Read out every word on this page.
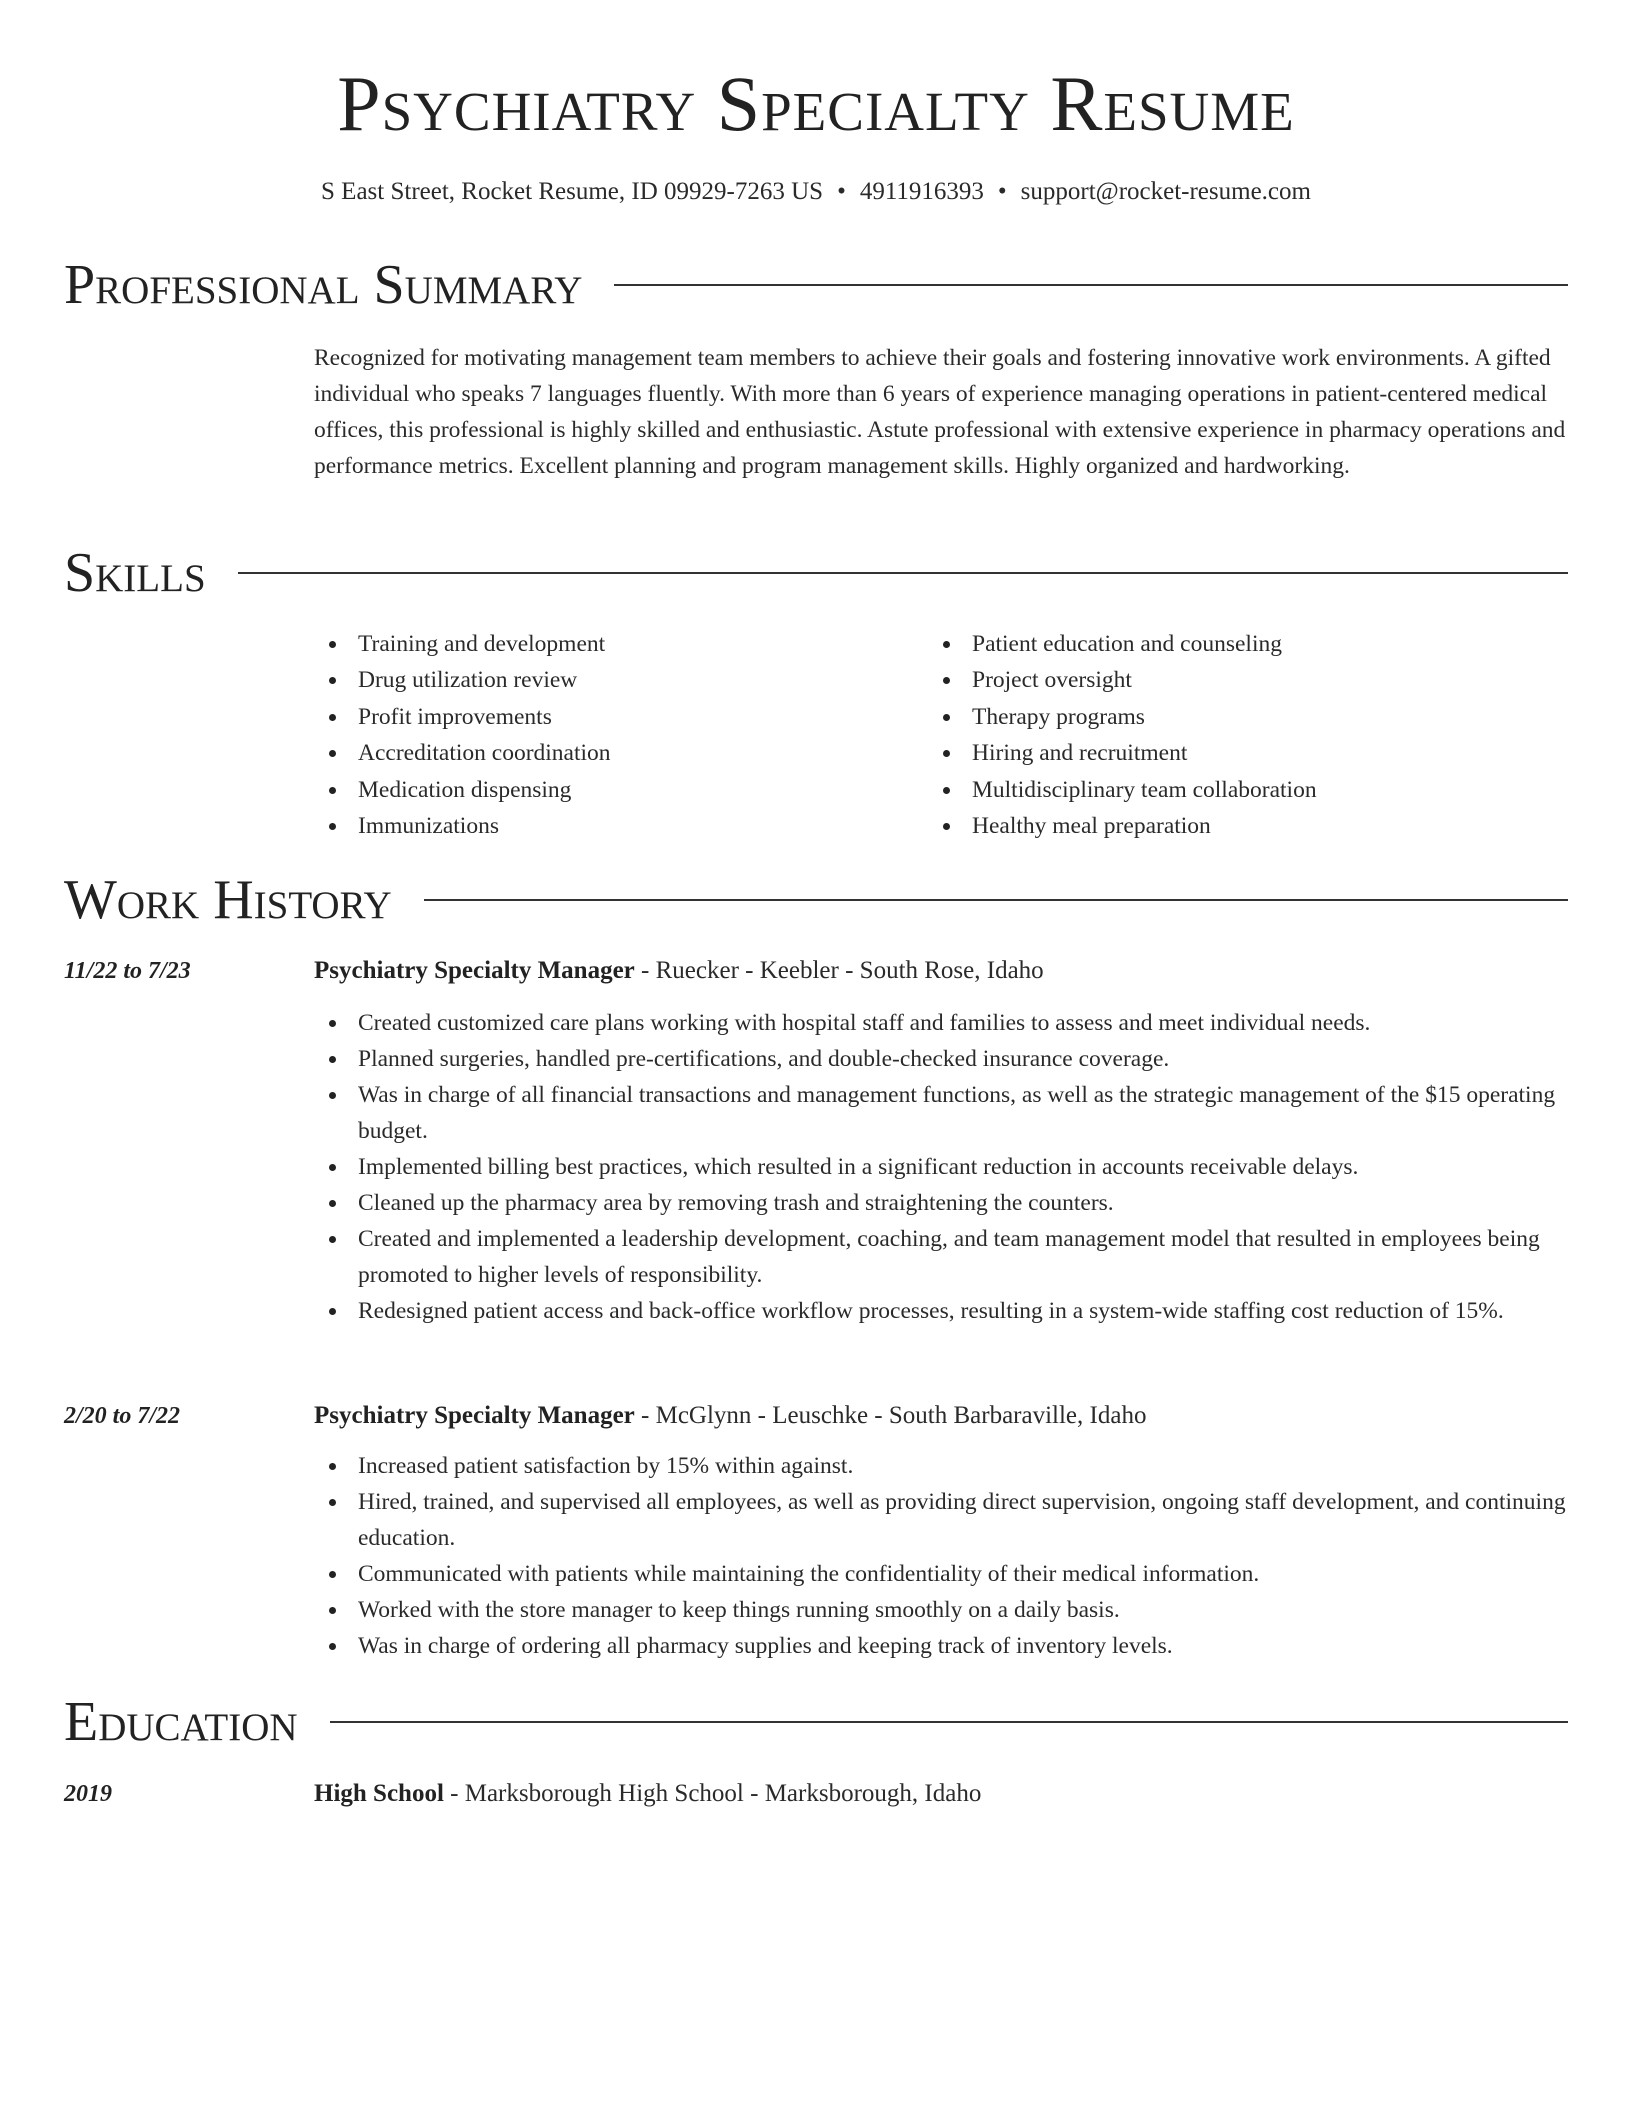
Psychiatry Specialty Resume
S East Street, Rocket Resume, ID 09929-7263 US • 4911916393 • support@rocket-resume.com
Professional Summary
Recognized for motivating management team members to achieve their goals and fostering innovative work environments. A gifted individual who speaks 7 languages fluently. With more than 6 years of experience managing operations in patient-centered medical offices, this professional is highly skilled and enthusiastic. Astute professional with extensive experience in pharmacy operations and performance metrics. Excellent planning and program management skills. Highly organized and hardworking.
Skills
Training and development
Drug utilization review
Profit improvements
Accreditation coordination
Medication dispensing
Immunizations
Patient education and counseling
Project oversight
Therapy programs
Hiring and recruitment
Multidisciplinary team collaboration
Healthy meal preparation
Work History
11/22 to 7/23	Psychiatry Specialty Manager - Ruecker - Keebler - South Rose, Idaho
Created customized care plans working with hospital staff and families to assess and meet individual needs.
Planned surgeries, handled pre-certifications, and double-checked insurance coverage.
Was in charge of all financial transactions and management functions, as well as the strategic management of the $15 operating budget.
Implemented billing best practices, which resulted in a significant reduction in accounts receivable delays.
Cleaned up the pharmacy area by removing trash and straightening the counters.
Created and implemented a leadership development, coaching, and team management model that resulted in employees being promoted to higher levels of responsibility.
Redesigned patient access and back-office workflow processes, resulting in a system-wide staffing cost reduction of 15%.
2/20 to 7/22	Psychiatry Specialty Manager - McGlynn - Leuschke - South Barbaraville, Idaho
Increased patient satisfaction by 15% within against.
Hired, trained, and supervised all employees, as well as providing direct supervision, ongoing staff development, and continuing education.
Communicated with patients while maintaining the confidentiality of their medical information.
Worked with the store manager to keep things running smoothly on a daily basis.
Was in charge of ordering all pharmacy supplies and keeping track of inventory levels.
Education
2019	High School - Marksborough High School - Marksborough, Idaho
